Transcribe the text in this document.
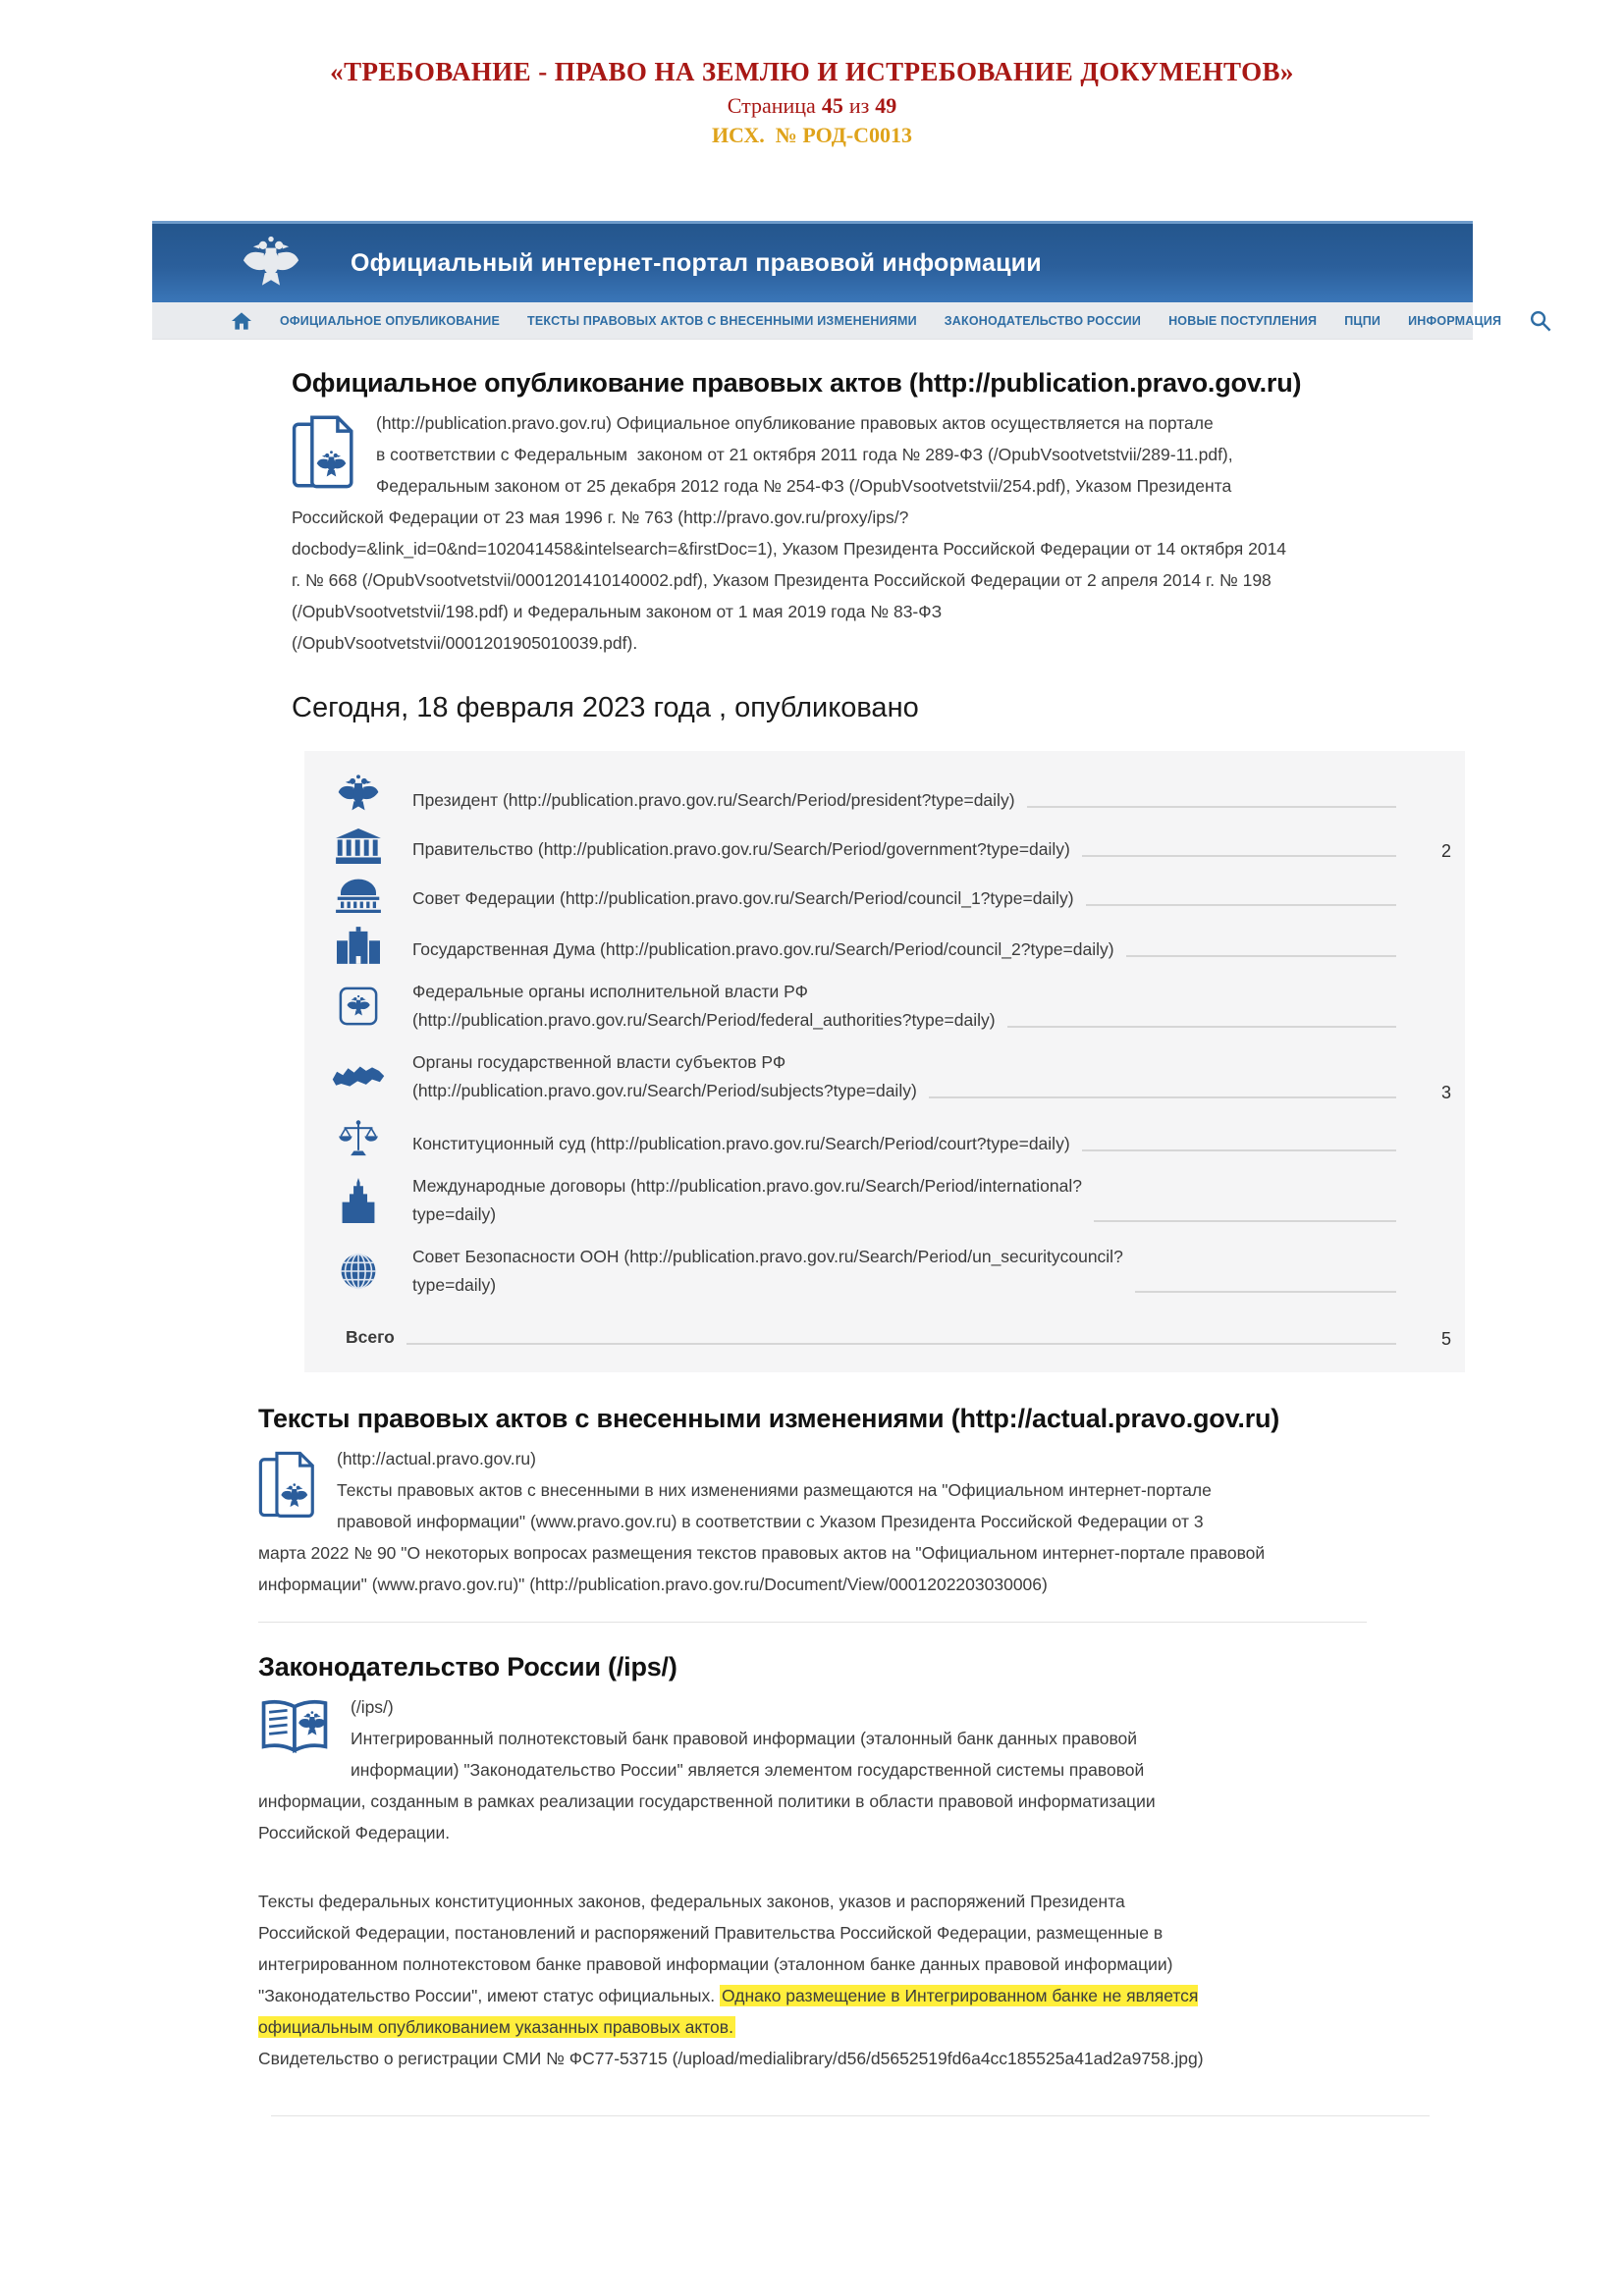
«ТРЕБОВАНИЕ - ПРАВО НА ЗЕМЛЮ И ИСТРЕБОВАНИЕ ДОКУМЕНТОВ»
Страница 45 из 49
ИСХ.  № РОД-С0013
Официальный интернет-портал правовой информации
ОФИЦИАЛЬНОЕ ОПУБЛИКОВАНИЕ ТЕКСТЫ ПРАВОВЫХ АКТОВ С ВНЕСЕННЫМИ ИЗМЕНЕНИЯМИ ЗАКОНОДАТЕЛЬСТВО РОССИИ НОВЫЕ ПОСТУПЛЕНИЯ ПЦПИ ИНФОРМАЦИЯ
Официальное опубликование правовых актов (http://publication.pravo.gov.ru)
(http://publication.pravo.gov.ru) Официальное опубликование правовых актов осуществляется на портале
в соответствии с Федеральным  законом от 21 октября 2011 года № 289-ФЗ (/OpubVsootvetstvii/289-11.pdf),
Федеральным законом от 25 декабря 2012 года № 254-ФЗ (/OpubVsootvetstvii/254.pdf), Указом Президента
Российской Федерации от 23 мая 1996 г. № 763 (http://pravo.gov.ru/proxy/ips/?
docbody=&link_id=0&nd=102041458&intelsearch=&firstDoc=1), Указом Президента Российской Федерации от 14 октября 2014
г. № 668 (/OpubVsootvetstvii/0001201410140002.pdf), Указом Президента Российской Федерации от 2 апреля 2014 г. № 198
(/OpubVsootvetstvii/198.pdf) и Федеральным законом от 1 мая 2019 года № 83-ФЗ
(/OpubVsootvetstvii/0001201905010039.pdf).
Сегодня, 18 февраля 2023 года , опубликовано
Президент (http://publication.pravo.gov.ru/Search/Period/president?type=daily)
Правительство (http://publication.pravo.gov.ru/Search/Period/government?type=daily)	2
Совет Федерации (http://publication.pravo.gov.ru/Search/Period/council_1?type=daily)
Государственная Дума (http://publication.pravo.gov.ru/Search/Period/council_2?type=daily)
Федеральные органы исполнительной власти РФ
(http://publication.pravo.gov.ru/Search/Period/federal_authorities?type=daily)
Органы государственной власти субъектов РФ
(http://publication.pravo.gov.ru/Search/Period/subjects?type=daily)	3
Конституционный суд (http://publication.pravo.gov.ru/Search/Period/court?type=daily)
Международные договоры (http://publication.pravo.gov.ru/Search/Period/international?
type=daily)
Совет Безопасности ООН (http://publication.pravo.gov.ru/Search/Period/un_securitycouncil?
type=daily)
Всего	5
Тексты правовых актов с внесенными изменениями (http://actual.pravo.gov.ru)
(http://actual.pravo.gov.ru)
Тексты правовых актов с внесенными в них изменениями размещаются на "Официальном интернет-портале
правовой информации" (www.pravo.gov.ru) в соответствии с Указом Президента Российской Федерации от 3
марта 2022 № 90 "О некоторых вопросах размещения текстов правовых актов на "Официальном интернет-портале правовой
информации" (www.pravo.gov.ru)" (http://publication.pravo.gov.ru/Document/View/0001202203030006)
Законодательство России (/ips/)
(/ips/)
Интегрированный полнотекстовый банк правовой информации (эталонный банк данных правовой
информации) "Законодательство России" является элементом государственной системы правовой
информации, созданным в рамках реализации государственной политики в области правовой информатизации
Российской Федерации.
Тексты федеральных конституционных законов, федеральных законов, указов и распоряжений Президента
Российской Федерации, постановлений и распоряжений Правительства Российской Федерации, размещенные в
интегрированном полнотекстовом банке правовой информации (эталонном банке данных правовой информации)
"Законодательство России", имеют статус официальных. Однако размещение в Интегрированном банке не является
официальным опубликованием указанных правовых актов.
Свидетельство о регистрации СМИ № ФС77-53715 (/upload/medialibrary/d56/d5652519fd6a4cc185525a41ad2a9758.jpg)
